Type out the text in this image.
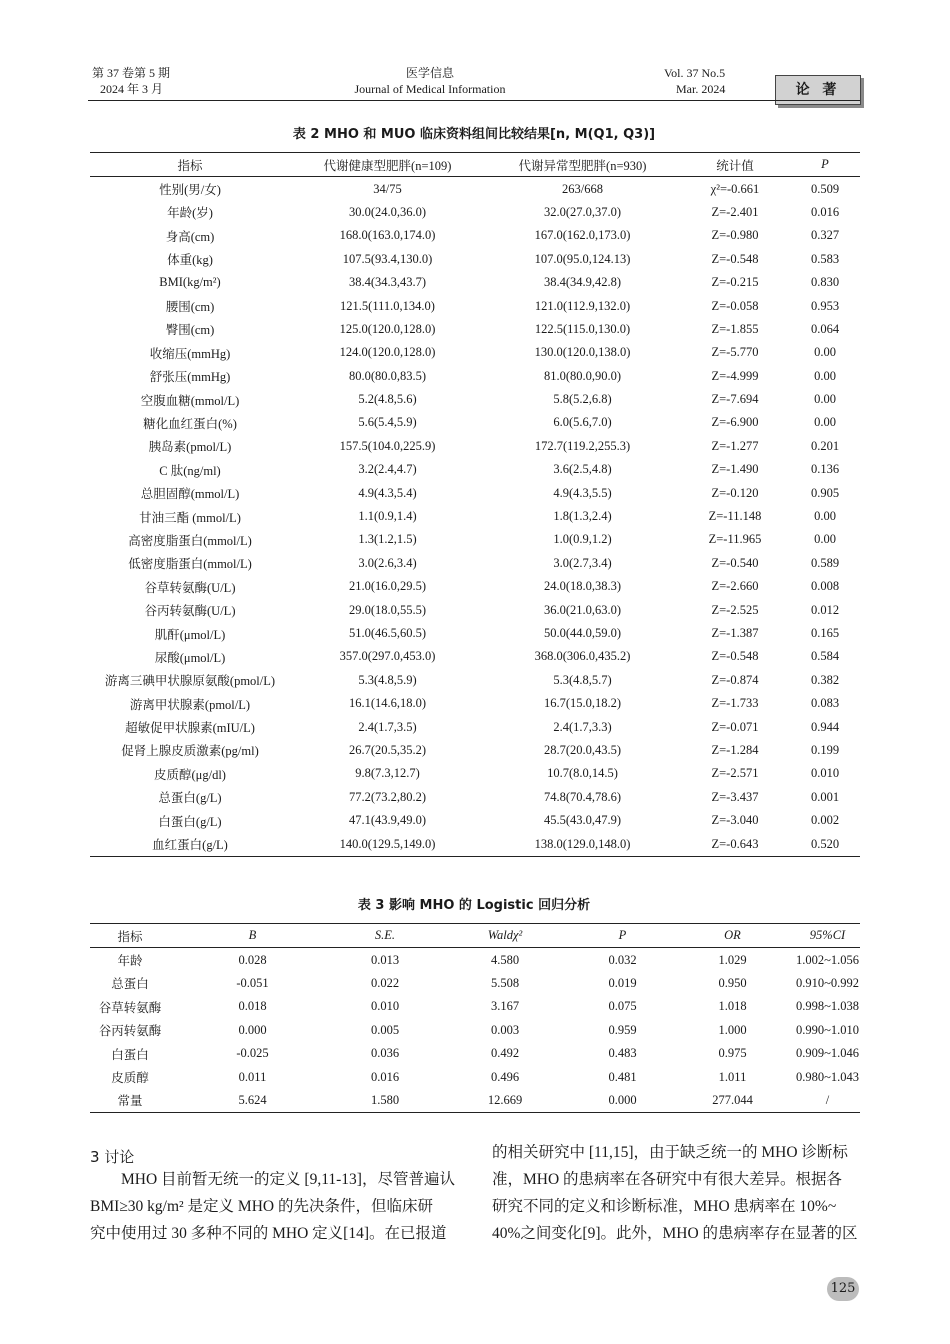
第 37 卷第 5 期
2024 年 3 月
医学信息
Journal of Medical Information
Vol. 37 No.5
Mar. 2024	论 著
表 2 MHO 和 MUO 临床资料组间比较结果[n, M(Q1, Q3)]
指标	代谢健康型肥胖(n=109)	代谢异常型肥胖(n=930)	统计值	P
性别(男/女)	34/75	263/668	χ²=-0.661	0.509
年龄(岁)	30.0(24.0,36.0)	32.0(27.0,37.0)	Z=-2.401	0.016
身高(cm)	168.0(163.0,174.0)	167.0(162.0,173.0)	Z=-0.980	0.327
体重(kg)	107.5(93.4,130.0)	107.0(95.0,124.13)	Z=-0.548	0.583
BMI(kg/m²)	38.4(34.3,43.7)	38.4(34.9,42.8)	Z=-0.215	0.830
腰围(cm)	121.5(111.0,134.0)	121.0(112.9,132.0)	Z=-0.058	0.953
臀围(cm)	125.0(120.0,128.0)	122.5(115.0,130.0)	Z=-1.855	0.064
收缩压(mmHg)	124.0(120.0,128.0)	130.0(120.0,138.0)	Z=-5.770	0.00
舒张压(mmHg)	80.0(80.0,83.5)	81.0(80.0,90.0)	Z=-4.999	0.00
空腹血糖(mmol/L)	5.2(4.8,5.6)	5.8(5.2,6.8)	Z=-7.694	0.00
糖化血红蛋白(%)	5.6(5.4,5.9)	6.0(5.6,7.0)	Z=-6.900	0.00
胰岛素(pmol/L)	157.5(104.0,225.9)	172.7(119.2,255.3)	Z=-1.277	0.201
C 肽(ng/ml)	3.2(2.4,4.7)	3.6(2.5,4.8)	Z=-1.490	0.136
总胆固醇(mmol/L)	4.9(4.3,5.4)	4.9(4.3,5.5)	Z=-0.120	0.905
甘油三酯 (mmol/L)	1.1(0.9,1.4)	1.8(1.3,2.4)	Z=-11.148	0.00
高密度脂蛋白(mmol/L)	1.3(1.2,1.5)	1.0(0.9,1.2)	Z=-11.965	0.00
低密度脂蛋白(mmol/L)	3.0(2.6,3.4)	3.0(2.7,3.4)	Z=-0.540	0.589
谷草转氨酶(U/L)	21.0(16.0,29.5)	24.0(18.0,38.3)	Z=-2.660	0.008
谷丙转氨酶(U/L)	29.0(18.0,55.5)	36.0(21.0,63.0)	Z=-2.525	0.012
肌酐(μmol/L)	51.0(46.5,60.5)	50.0(44.0,59.0)	Z=-1.387	0.165
尿酸(μmol/L)	357.0(297.0,453.0)	368.0(306.0,435.2)	Z=-0.548	0.584
游离三碘甲状腺原氨酸(pmol/L)	5.3(4.8,5.9)	5.3(4.8,5.7)	Z=-0.874	0.382
游离甲状腺素(pmol/L)	16.1(14.6,18.0)	16.7(15.0,18.2)	Z=-1.733	0.083
超敏促甲状腺素(mIU/L)	2.4(1.7,3.5)	2.4(1.7,3.3)	Z=-0.071	0.944
促肾上腺皮质激素(pg/ml)	26.7(20.5,35.2)	28.7(20.0,43.5)	Z=-1.284	0.199
皮质醇(μg/dl)	9.8(7.3,12.7)	10.7(8.0,14.5)	Z=-2.571	0.010
总蛋白(g/L)	77.2(73.2,80.2)	74.8(70.4,78.6)	Z=-3.437	0.001
白蛋白(g/L)	47.1(43.9,49.0)	45.5(43.0,47.9)	Z=-3.040	0.002
血红蛋白(g/L)	140.0(129.5,149.0)	138.0(129.0,148.0)	Z=-0.643	0.520
表 3 影响 MHO 的 Logistic 回归分析
指标	B	S.E.	Waldχ²	P	OR	95%CI
年龄	0.028	0.013	4.580	0.032	1.029	1.002~1.056
总蛋白	-0.051	0.022	5.508	0.019	0.950	0.910~0.992
谷草转氨酶	0.018	0.010	3.167	0.075	1.018	0.998~1.038
谷丙转氨酶	0.000	0.005	0.003	0.959	1.000	0.990~1.010
白蛋白	-0.025	0.036	0.492	0.483	0.975	0.909~1.046
皮质醇	0.011	0.016	0.496	0.481	1.011	0.980~1.043
常量	5.624	1.580	12.669	0.000	277.044	/
3 讨论
MHO 目前暂无统一的定义 [9,11-13]，尽管普遍认
BMI≥30 kg/m² 是定义 MHO 的先决条件，但临床研
究中使用过 30 多种不同的 MHO 定义[14]。在已报道
的相关研究中 [11,15]，由于缺乏统一的 MHO 诊断标
准，MHO 的患病率在各研究中有很大差异。根据各
研究不同的定义和诊断标准，MHO 患病率在 10%~
40%之间变化[9]。此外，MHO 的患病率存在显著的区
125
